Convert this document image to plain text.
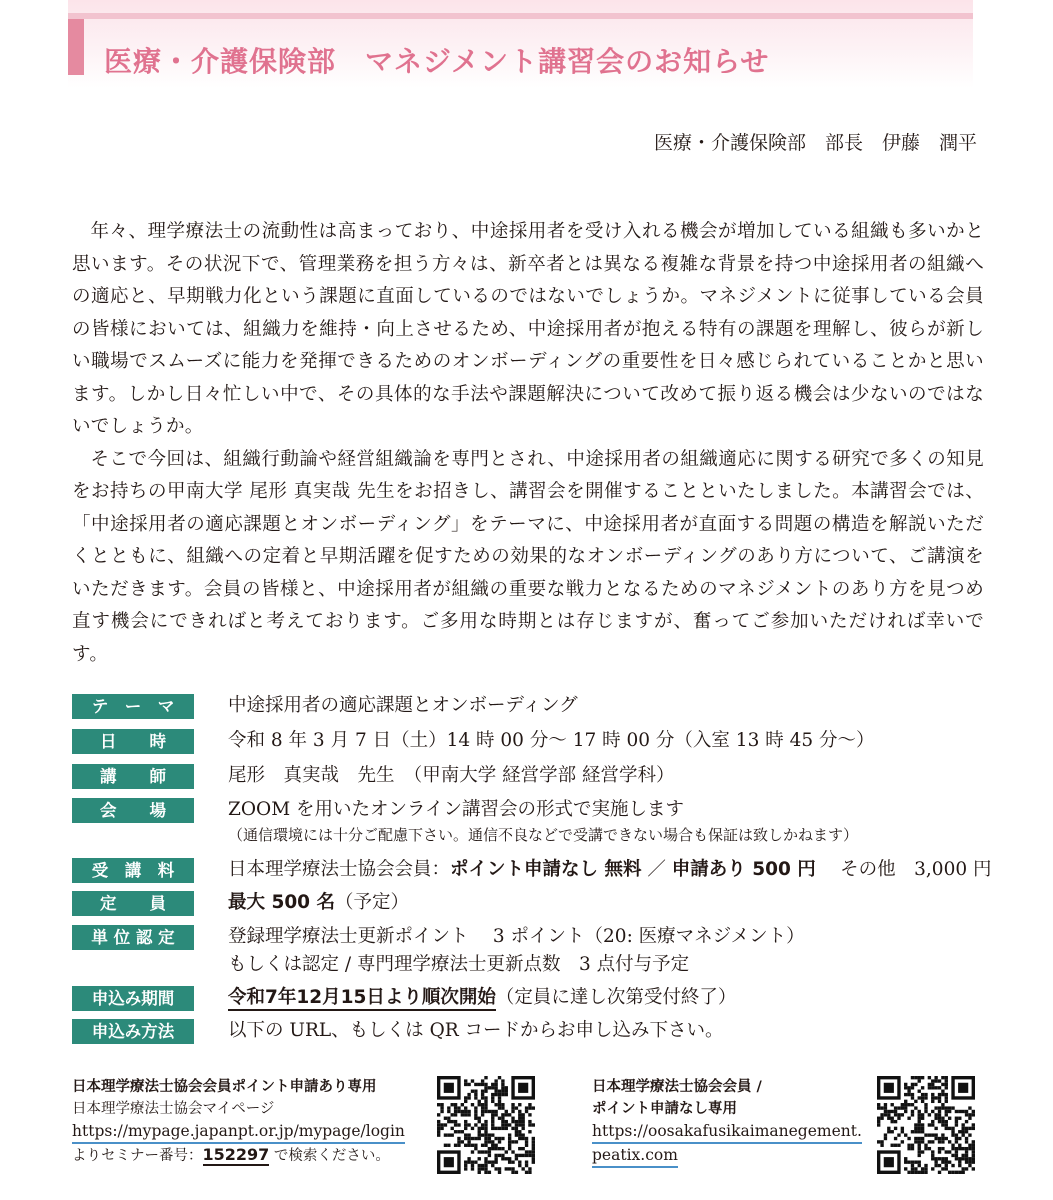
医療・介護保険部　マネジメント講習会のお知らせ
医療・介護保険部　部長　伊藤　潤平

年々、理学療法士の流動性は高まっており、中途採用者を受け入れる機会が増加している組織も多いかと思います。その状況下で、管理業務を担う方々は、新卒者とは異なる複雑な背景を持つ中途採用者の組織への適応と、早期戦力化という課題に直面しているのではないでしょうか。マネジメントに従事している会員の皆様においては、組織力を維持・向上させるため、中途採用者が抱える特有の課題を理解し、彼らが新しい職場でスムーズに能力を発揮できるためのオンボーディングの重要性を日々感じられていることかと思います。しかし日々忙しい中で、その具体的な手法や課題解決について改めて振り返る機会は少ないのではないでしょうか。

そこで今回は、組織行動論や経営組織論を専門とされ、中途採用者の組織適応に関する研究で多くの知見をお持ちの甲南大学 尾形 真実哉 先生をお招きし、講習会を開催することといたしました。本講習会では、「中途採用者の適応課題とオンボーディング」をテーマに、中途採用者が直面する問題の構造を解説いただくとともに、組織への定着と早期活躍を促すための効果的なオンボーディングのあり方について、ご講演をいただきます。会員の皆様と、中途採用者が組織の重要な戦力となるためのマネジメントのあり方を見つめ直す機会にできればと考えております。ご多用な時期とは存じますが、奮ってご参加いただければ幸いです。

テ　ー　マ	中途採用者の適応課題とオンボーディング
日　　時	令和 8 年 3 月 7 日（土）14 時 00 分～ 17 時 00 分（入室 13 時 45 分～）
講　　師	尾形　真実哉　先生　（甲南大学 経営学部 経営学科）
会　　場	ZOOM を用いたオンライン講習会の形式で実施します
（通信環境には十分ご配慮下さい。通信不良などで受講できない場合も保証は致しかねます）
受　講　料	日本理学療法士協会会員：ポイント申請なし 無料 ／ 申請あり 500 円　 その他　3,000 円
定　　員	最大 500 名（予定）
単 位 認 定	登録理学療法士更新ポイント　 3 ポイント（20: 医療マネジメント）
もしくは認定 / 専門理学療法士更新点数　3 点付与予定
申込み期間	令和7年12月15日より順次開始（定員に達し次第受付終了）
申込み方法	以下の URL、もしくは QR コードからお申し込み下さい。
日本理学療法士協会会員ポイント申請あり専用
日本理学療法士協会マイページ
https://mypage.japanpt.or.jp/mypage/login
よりセミナー番号：152297 で検索ください。
日本理学療法士協会会員 /
ポイント申請なし専用
https://oosakafusikaimanegement.
peatix.com
